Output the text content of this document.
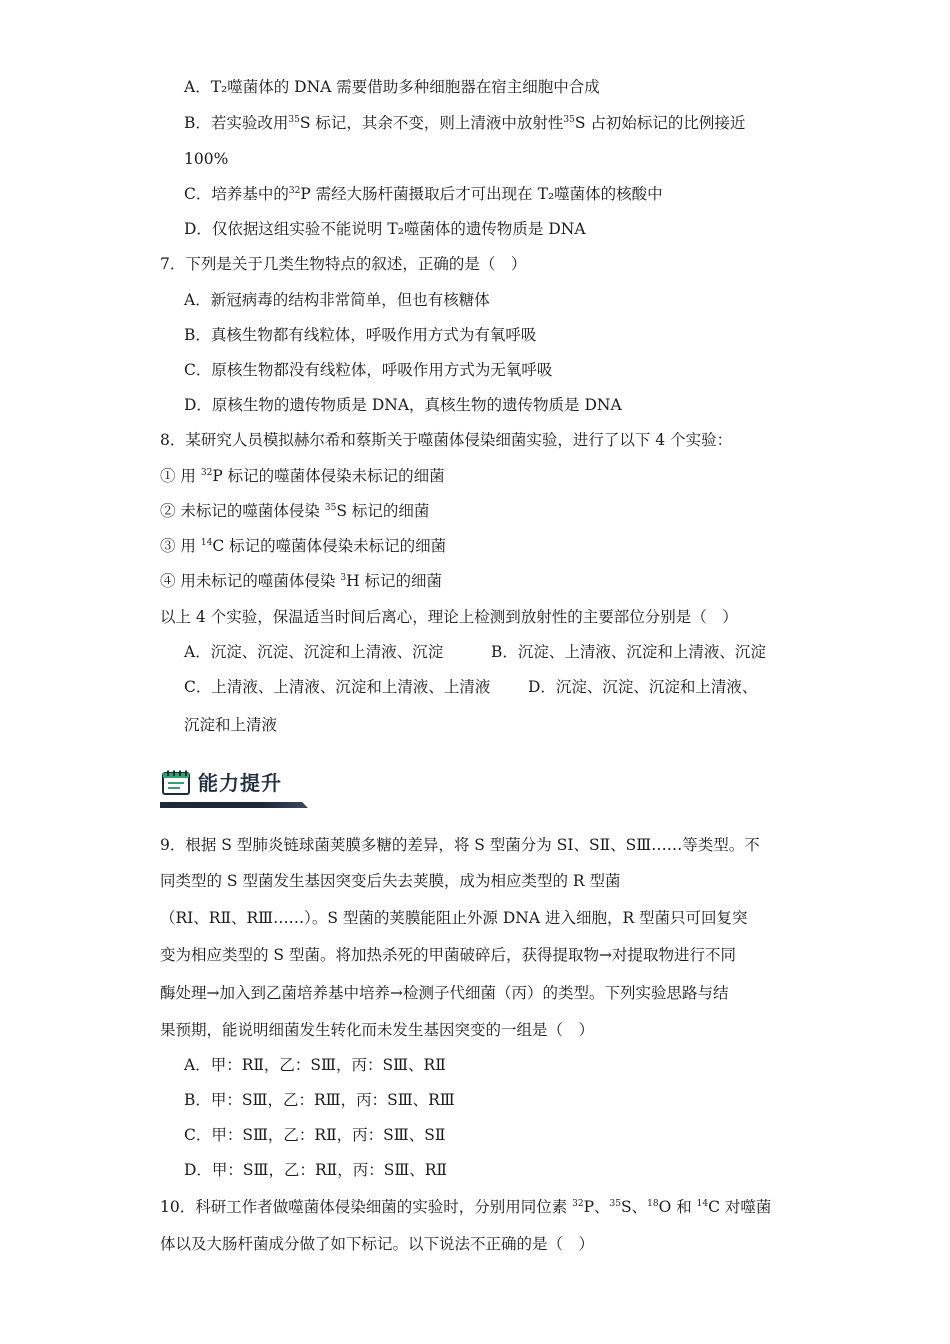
A．T₂噬菌体的 DNA 需要借助多种细胞器在宿主细胞中合成
B．若实验改用$^{35}$S 标记，其余不变，则上清液中放射性$^{35}$S 占初始标记的比例接近
100%
C．培养基中的$^{32}$P 需经大肠杆菌摄取后才可出现在 T₂噬菌体的核酸中
D．仅依据这组实验不能说明 T₂噬菌体的遗传物质是 DNA
7．下列是关于几类生物特点的叙述，正确的是（　）
A．新冠病毒的结构非常简单，但也有核糖体
B．真核生物都有线粒体，呼吸作用方式为有氧呼吸
C．原核生物都没有线粒体，呼吸作用方式为无氧呼吸
D．原核生物的遗传物质是 DNA，真核生物的遗传物质是 DNA
8．某研究人员模拟赫尔希和蔡斯关于噬菌体侵染细菌实验，进行了以下 4 个实验：
① 用 $^{32}$P 标记的噬菌体侵染未标记的细菌
② 未标记的噬菌体侵染 $^{35}$S 标记的细菌
③ 用 $^{14}$C 标记的噬菌体侵染未标记的细菌
④ 用未标记的噬菌体侵染 $^3$H 标记的细菌
以上 4 个实验，保温适当时间后离心，理论上检测到放射性的主要部位分别是（　）
A．沉淀、沉淀、沉淀和上清液、沉淀	B．沉淀、上清液、沉淀和上清液、沉淀
C．上清液、上清液、沉淀和上清液、上清液	D．沉淀、沉淀、沉淀和上清液、
沉淀和上清液
能力提升
9．根据 S 型肺炎链球菌荚膜多糖的差异，将 S 型菌分为 SⅠ、SⅡ、SⅢ……等类型。不
同类型的 S 型菌发生基因突变后失去荚膜，成为相应类型的 R 型菌
（RⅠ、RⅡ、RⅢ……）。S 型菌的荚膜能阻止外源 DNA 进入细胞，R 型菌只可回复突
变为相应类型的 S 型菌。将加热杀死的甲菌破碎后，获得提取物→对提取物进行不同
酶处理→加入到乙菌培养基中培养→检测子代细菌（丙）的类型。下列实验思路与结
果预期，能说明细菌发生转化而未发生基因突变的一组是（　）
A．甲：RⅡ，乙：SⅢ，丙：SⅢ、RⅡ
B．甲：SⅢ，乙：RⅢ，丙：SⅢ、RⅢ
C．甲：SⅢ，乙：RⅡ，丙：SⅢ、SⅡ
D．甲：SⅢ，乙：RⅡ，丙：SⅢ、RⅡ
10．科研工作者做噬菌体侵染细菌的实验时，分别用同位素 $^{32}$P、$^{35}$S、$^{18}$O 和 $^{14}$C 对噬菌
体以及大肠杆菌成分做了如下标记。以下说法不正确的是（　）
